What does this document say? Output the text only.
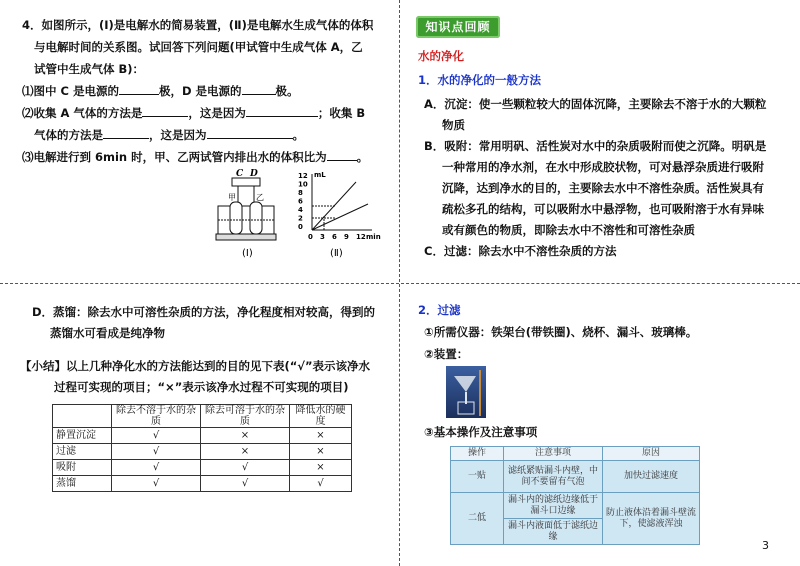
4．如图所示，(Ⅰ)是电解水的简易装置，(Ⅱ)是电解水生成气体的体积
与电解时间的关系图。试回答下列问题(甲试管中生成气体 A，乙
试管中生成气体 B)：
⑴图中 C 是电源的	极，D 是电源的	极。
⑵收集 A 气体的方法是	，这是因为	；收集 B
气体的方法是	，这是因为	。
⑶电解进行到 6min 时，甲、乙两试管内排出水的体积比为	。
C D
甲	乙
(Ⅰ)
mL
12
10
8
6
4
2
0
3 6 9 12
0	min
(Ⅱ)
知识点回顾
水的净化
1．水的净化的一般方法
A．沉淀：使一些颗粒较大的固体沉降，主要除去不溶于水的大颗粒
物质
B．吸附：常用明矾、活性炭对水中的杂质吸附而使之沉降。明矾是
一种常用的净水剂，在水中形成胶状物，可对悬浮杂质进行吸附
沉降，达到净水的目的，主要除去水中不溶性杂质。活性炭具有
疏松多孔的结构，可以吸附水中悬浮物，也可吸附溶于水有异味
或有颜色的物质，即除去水中不溶性和可溶性杂质
C．过滤：除去水中不溶性杂质的方法
D．蒸馏：除去水中可溶性杂质的方法，净化程度相对较高，得到的
蒸馏水可看成是纯净物
【小结】以上几种净化水的方法能达到的目的见下表(“√”表示该净水
过程可实现的项目；“×”表示该净水过程不可实现的项目)
	除去不溶于水的杂质	除去可溶于水的杂质	降低水的硬度
静置沉淀	√	×	×
过滤	√	×	×
吸附	√	√	×
蒸馏	√	√	√
2．过滤
①所需仪器：铁架台(带铁圈)、烧杯、漏斗、玻璃棒。
②装置：
③基本操作及注意事项
操作	注意事项	原因
一贴	滤纸紧贴漏斗内壁，中间不要留有气泡	加快过滤速度
二低	漏斗内的滤纸边缘低于漏斗口边缘	防止液体沿着漏斗壁流下，使滤液浑浊
	漏斗内液面低于滤纸边缘	
3
